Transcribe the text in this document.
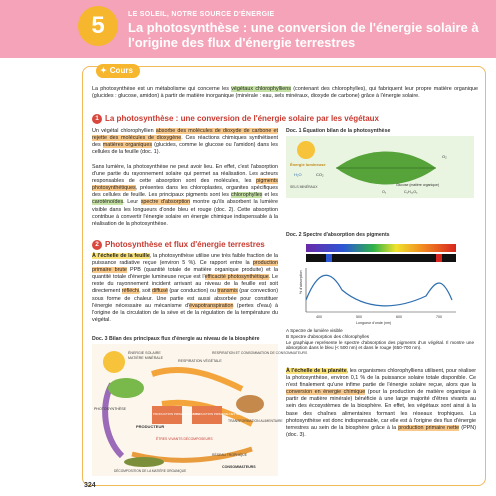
5	LE SOLEIL, NOTRE SOURCE D'ÉNERGIE
La photosynthèse : une conversion de l'énergie solaire à l'origine des flux d'énergie terrestres
✦ Cours
La photosynthèse est un métabolisme qui concerne les végétaux chlorophylliens (contenant des chlorophylles), qui fabriquent leur propre matière organique (glucides : glucose, amidon) à partir de matière inorganique (minérale : eau, sels minéraux, dioxyde de carbone) grâce à l'énergie solaire.
1 La photosynthèse : une conversion de l'énergie solaire par les végétaux
Un végétal chlorophyllien absorbe des molécules de dioxyde de carbone et rejette des molécules de dioxygène. Ces réactions chimiques synthétisent des matières organiques (glucides, comme le glucose ou l'amidon) dans les cellules de la feuille (doc. 1).
Sans lumière, la photosynthèse ne peut avoir lieu. En effet, c'est l'absorption d'une partie du rayonnement solaire qui permet sa réalisation. Les acteurs responsables de cette absorption sont des molécules, les pigments photosynthétiques, présentes dans les chloroplastes, organites spécifiques des cellules de feuille. Les principaux pigments sont les chlorophylles et les caroténoïdes. Leur spectre d'absorption montre qu'ils absorbent la lumière visible dans les longueurs d'onde bleu et rouge (doc. 2). Cette absorption contribue à convertir l'énergie solaire en énergie chimique indispensable à la réalisation de la photosynthèse.
2 Photosynthèse et flux d'énergie terrestres
À l'échelle de la feuille, la photosynthèse utilise une très faible fraction de la puissance radiative reçue (environ 5 %). Ce rapport entre la production primaire brute PPB (quantité totale de matière organique produite) et la quantité totale d'énergie lumineuse reçue est l'efficacité photosynthétique. Le reste du rayonnement incident arrivant au niveau de la feuille est soit directement réfléchi, soit diffusé (par conduction) ou transmis (par convection) sous forme de chaleur. Une partie est aussi absorbée pour constituer l'énergie nécessaire au mécanisme d'évapotranspiration (pertes d'eau) à l'origine de la circulation de la sève et de la régulation de la température du végétal.
Doc. 3 Bilan des principaux flux d'énergie au niveau de la biosphère
ÉNERGIE SOLAIRE
MATIÈRE MINÉRALE
RESPIRATION VÉGÉTALE
RESPIRATION ET CONSOMMATION DE CONSOMMATEURS
PRODUCTION PRIMAIRE BRUTE
PRODUCTION PRIMAIRE NETTE
TRANSFORMATION ALIMENTAIRE
PRODUCTEUR
PHOTOSYNTHÈSE
ÊTRES VIVANTS DÉCOMPOSEURS
DÉCOMPOSITION DE LA MATIÈRE ORGANIQUE
RÉSEAU TROPHIQUE
CONSOMMATEURS
Doc. 1 Équation bilan de la photosynthèse
Énergie lumineuse
H₂O	CO₂
SELS MINÉRAUX
O₂
Glucose (matière organique)
C₆H₁₂O₆
O₂
Doc. 2 Spectre d'absorption des pigments
% d'absorption
400	500	600	700
Longueur d'onde (nm)
A Spectre de lumière visible
B Spectre d'absorption des chlorophylles
Le graphique représente le spectre d'absorption des pigments d'un végétal. Il montre une absorption dans le bleu (< 500 nm) et dans le rouge (650-700 nm).
À l'échelle de la planète, les organismes chlorophylliens utilisent, pour réaliser la photosynthèse, environ 0,1 % de la puissance solaire totale disponible. Ce n'est finalement qu'une infime partie de l'énergie solaire reçue, alors que la conversion en énergie chimique (pour la production de matière organique à partir de matière minérale) bénéficie à une large majorité d'êtres vivants au sein des écosystèmes de la biosphère. En effet, les végétaux sont ainsi à la base des chaînes alimentaires formant les réseaux trophiques. La photosynthèse est donc indispensable, car elle est à l'origine des flux d'énergie terrestres au sein de la biosphère grâce à la production primaire nette (PPN) (doc. 3).
324
